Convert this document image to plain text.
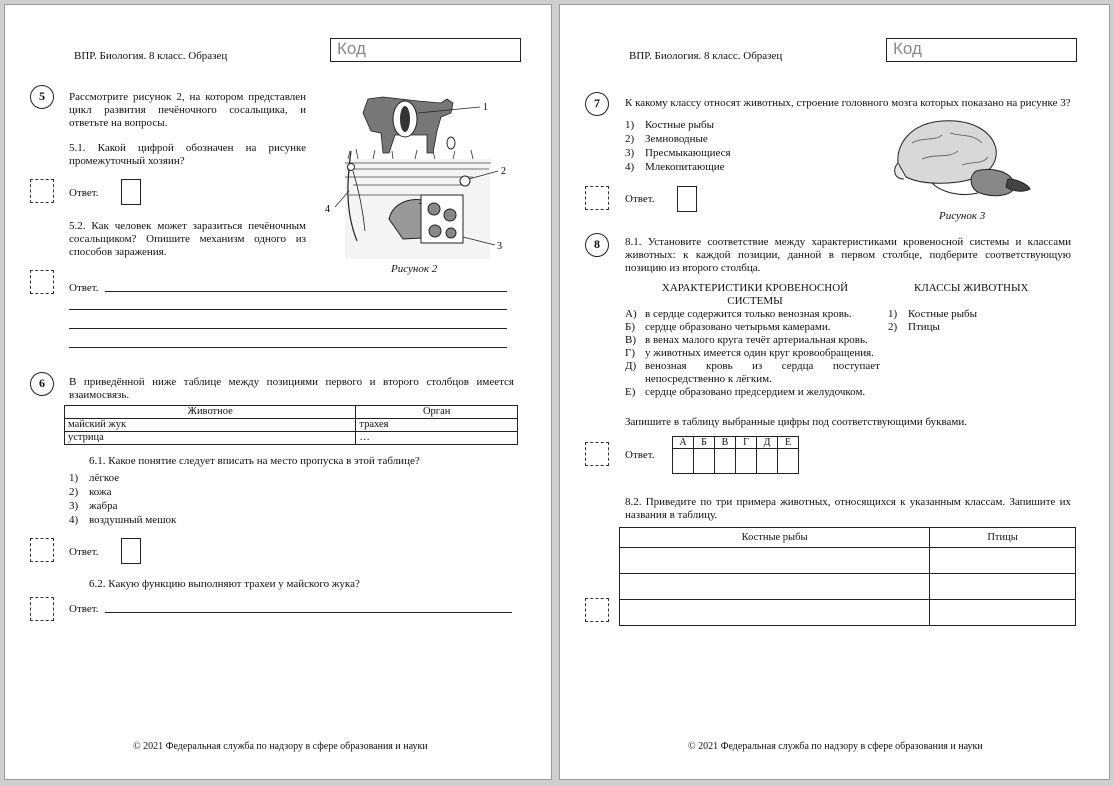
ВПР. Биология. 8 класс. Образец	Код
5	Рассмотрите рисунок 2, на котором представлен цикл развития печёночного сосальщика, и ответьте на вопросы.
5.1. Какой цифрой обозначен на рисунке промежуточный хозяин?
Ответ.
5.2. Как человек может заразиться печёночным сосальщиком? Опишите механизм одного из способов заражения.
Ответ.
1
4
2
3
Рисунок 2
6	В приведённой ниже таблице между позициями первого и второго столбцов имеется взаимосвязь.
Животное	Орган
майский жук	трахея
устрица	…
6.1. Какое понятие следует вписать на место пропуска в этой таблице?
1) лёгкое
2) кожа
3) жабра
4) воздушный мешок
Ответ.
6.2. Какую функцию выполняют трахеи у майского жука?
Ответ.
© 2021 Федеральная служба по надзору в сфере образования и науки
ВПР. Биология. 8 класс. Образец	Код
7	К какому классу относят животных, строение головного мозга которых показано на рисунке 3?
1) Костные рыбы
2) Земноводные
3) Пресмыкающиеся
4) Млекопитающие
Рисунок 3
Ответ.
8	8.1. Установите соответствие между характеристиками кровеносной системы и классами животных: к каждой позиции, данной в первом столбце, подберите соответствующую позицию из второго столбца.
ХАРАКТЕРИСТИКИ КРОВЕНОСНОЙ
СИСТЕМЫ
КЛАССЫ ЖИВОТНЫХ
А) в сердце содержится только венозная кровь.
Б) сердце образовано четырьмя камерами.
В) в венах малого круга течёт артериальная кровь.
Г) у животных имеется один круг кровообращения.
Д) венозная кровь из сердца поступает
непосредственно к лёгким.
Е) сердце образовано предсердием и желудочком.
1) Костные рыбы
2) Птицы
Запишите в таблицу выбранные цифры под соответствующими буквами.
Ответ.
А	Б	В	Г	Д	Е

8.2. Приведите по три примера животных, относящихся к указанным классам. Запишите их названия в таблицу.
Костные рыбы	Птицы

© 2021 Федеральная служба по надзору в сфере образования и науки
